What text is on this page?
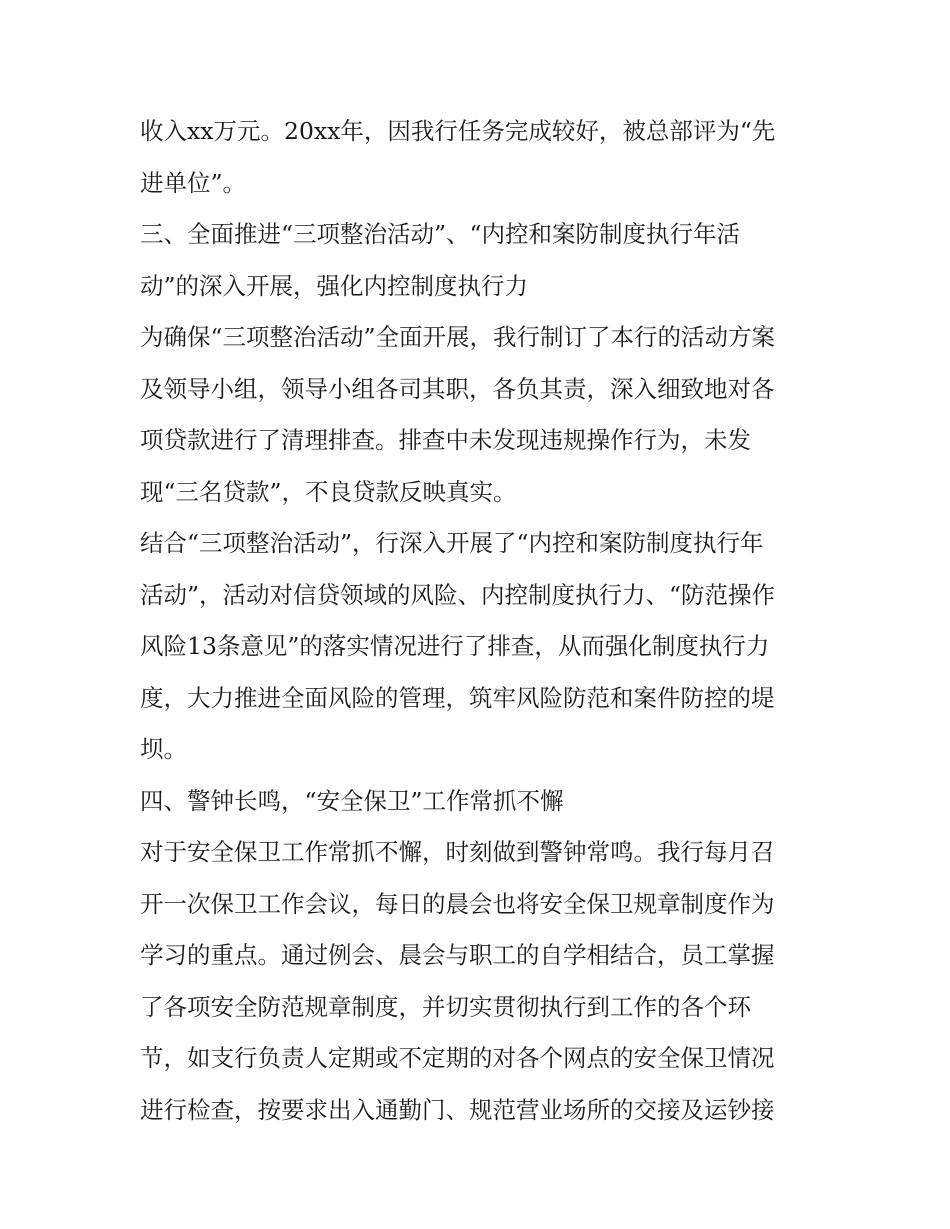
收入xx万元。20xx年，因我行任务完成较好，被总部评为“先
进单位”。
三、全面推进“三项整治活动”、“内控和案防制度执行年活
动”的深入开展，强化内控制度执行力
为确保“三项整治活动”全面开展，我行制订了本行的活动方案
及领导小组，领导小组各司其职，各负其责，深入细致地对各
项贷款进行了清理排查。排查中未发现违规操作行为，未发
现“三名贷款”，不良贷款反映真实。
结合“三项整治活动”，行深入开展了“内控和案防制度执行年
活动”，活动对信贷领域的风险、内控制度执行力、“防范操作
风险13条意见”的落实情况进行了排查，从而强化制度执行力
度，大力推进全面风险的管理，筑牢风险防范和案件防控的堤
坝。
四、警钟长鸣，“安全保卫”工作常抓不懈
对于安全保卫工作常抓不懈，时刻做到警钟常鸣。我行每月召
开一次保卫工作会议，每日的晨会也将安全保卫规章制度作为
学习的重点。通过例会、晨会与职工的自学相结合，员工掌握
了各项安全防范规章制度，并切实贯彻执行到工作的各个环
节，如支行负责人定期或不定期的对各个网点的安全保卫情况
进行检查，按要求出入通勤门、规范营业场所的交接及运钞接
